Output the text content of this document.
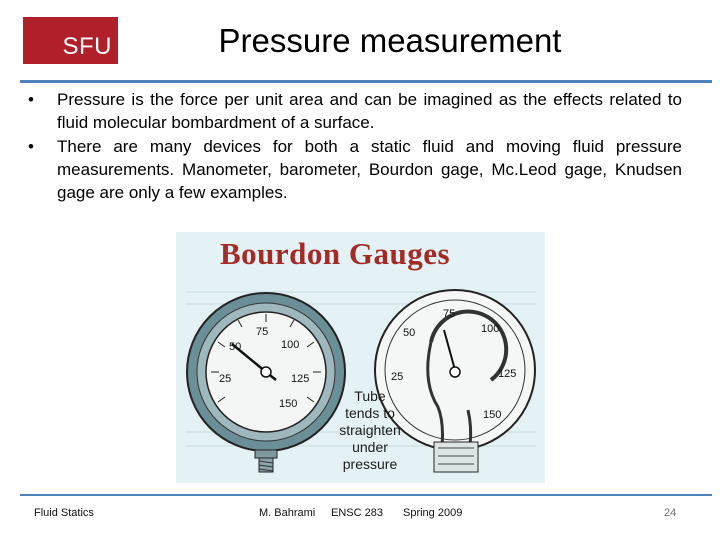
SFU	Pressure measurement
• Pressure is the force per unit area and can be imagined as the effects related to fluid molecular bombardment of a surface.
• There are many devices for both a static fluid and moving fluid pressure measurements. Manometer, barometer, Bourdon gage, Mc.Leod gage, Knudsen gage are only a few examples.
25
50
75
100
125
150
25
50
75
100
125
150
Bourdon Gauges
Tube
tends to
straighten
under
pressure
Fluid Statics	M. Bahrami ENSC 283 Spring 2009	24
